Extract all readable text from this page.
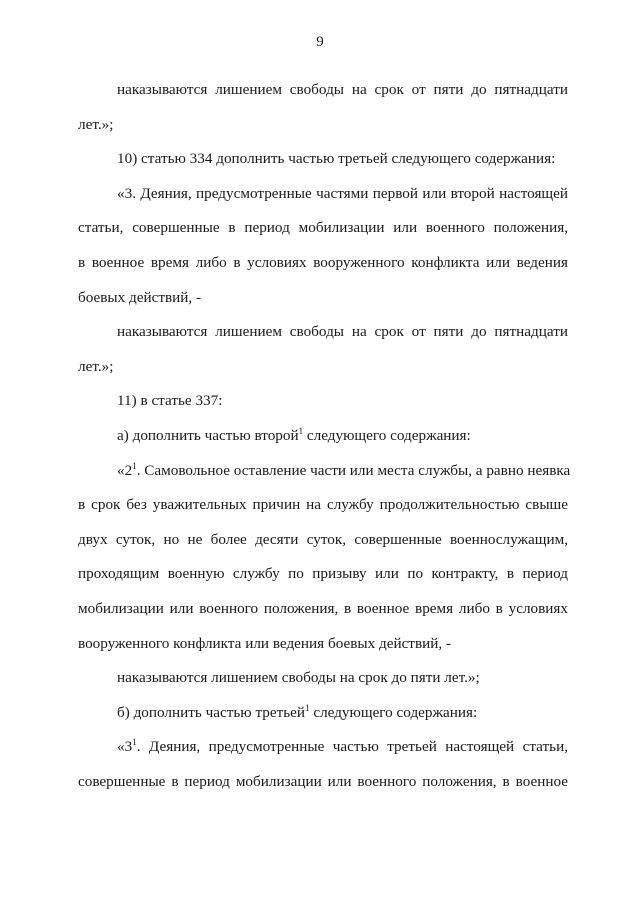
9
наказываются лишением свободы на срок от пяти до пятнадцати
лет.»;
10) статью 334 дополнить частью третьей следующего содержания:
«3. Деяния, предусмотренные частями первой или второй настоящей
статьи, совершенные в период мобилизации или военного положения,
в военное время либо в условиях вооруженного конфликта или ведения
боевых действий, -
наказываются лишением свободы на срок от пяти до пятнадцати
лет.»;
11) в статье 337:
а) дополнить частью второй$^1$ следующего содержания:
«$2^1$. Самовольное оставление части или места службы, а равно неявка
в срок без уважительных причин на службу продолжительностью свыше
двух суток, но не более десяти суток, совершенные военнослужащим,
проходящим военную службу по призыву или по контракту, в период
мобилизации или военного положения, в военное время либо в условиях
вооруженного конфликта или ведения боевых действий, -
наказываются лишением свободы на срок до пяти лет.»;
б) дополнить частью третьей$^1$ следующего содержания:
«$3^1$. Деяния, предусмотренные частью третьей настоящей статьи,
совершенные в период мобилизации или военного положения, в военное
